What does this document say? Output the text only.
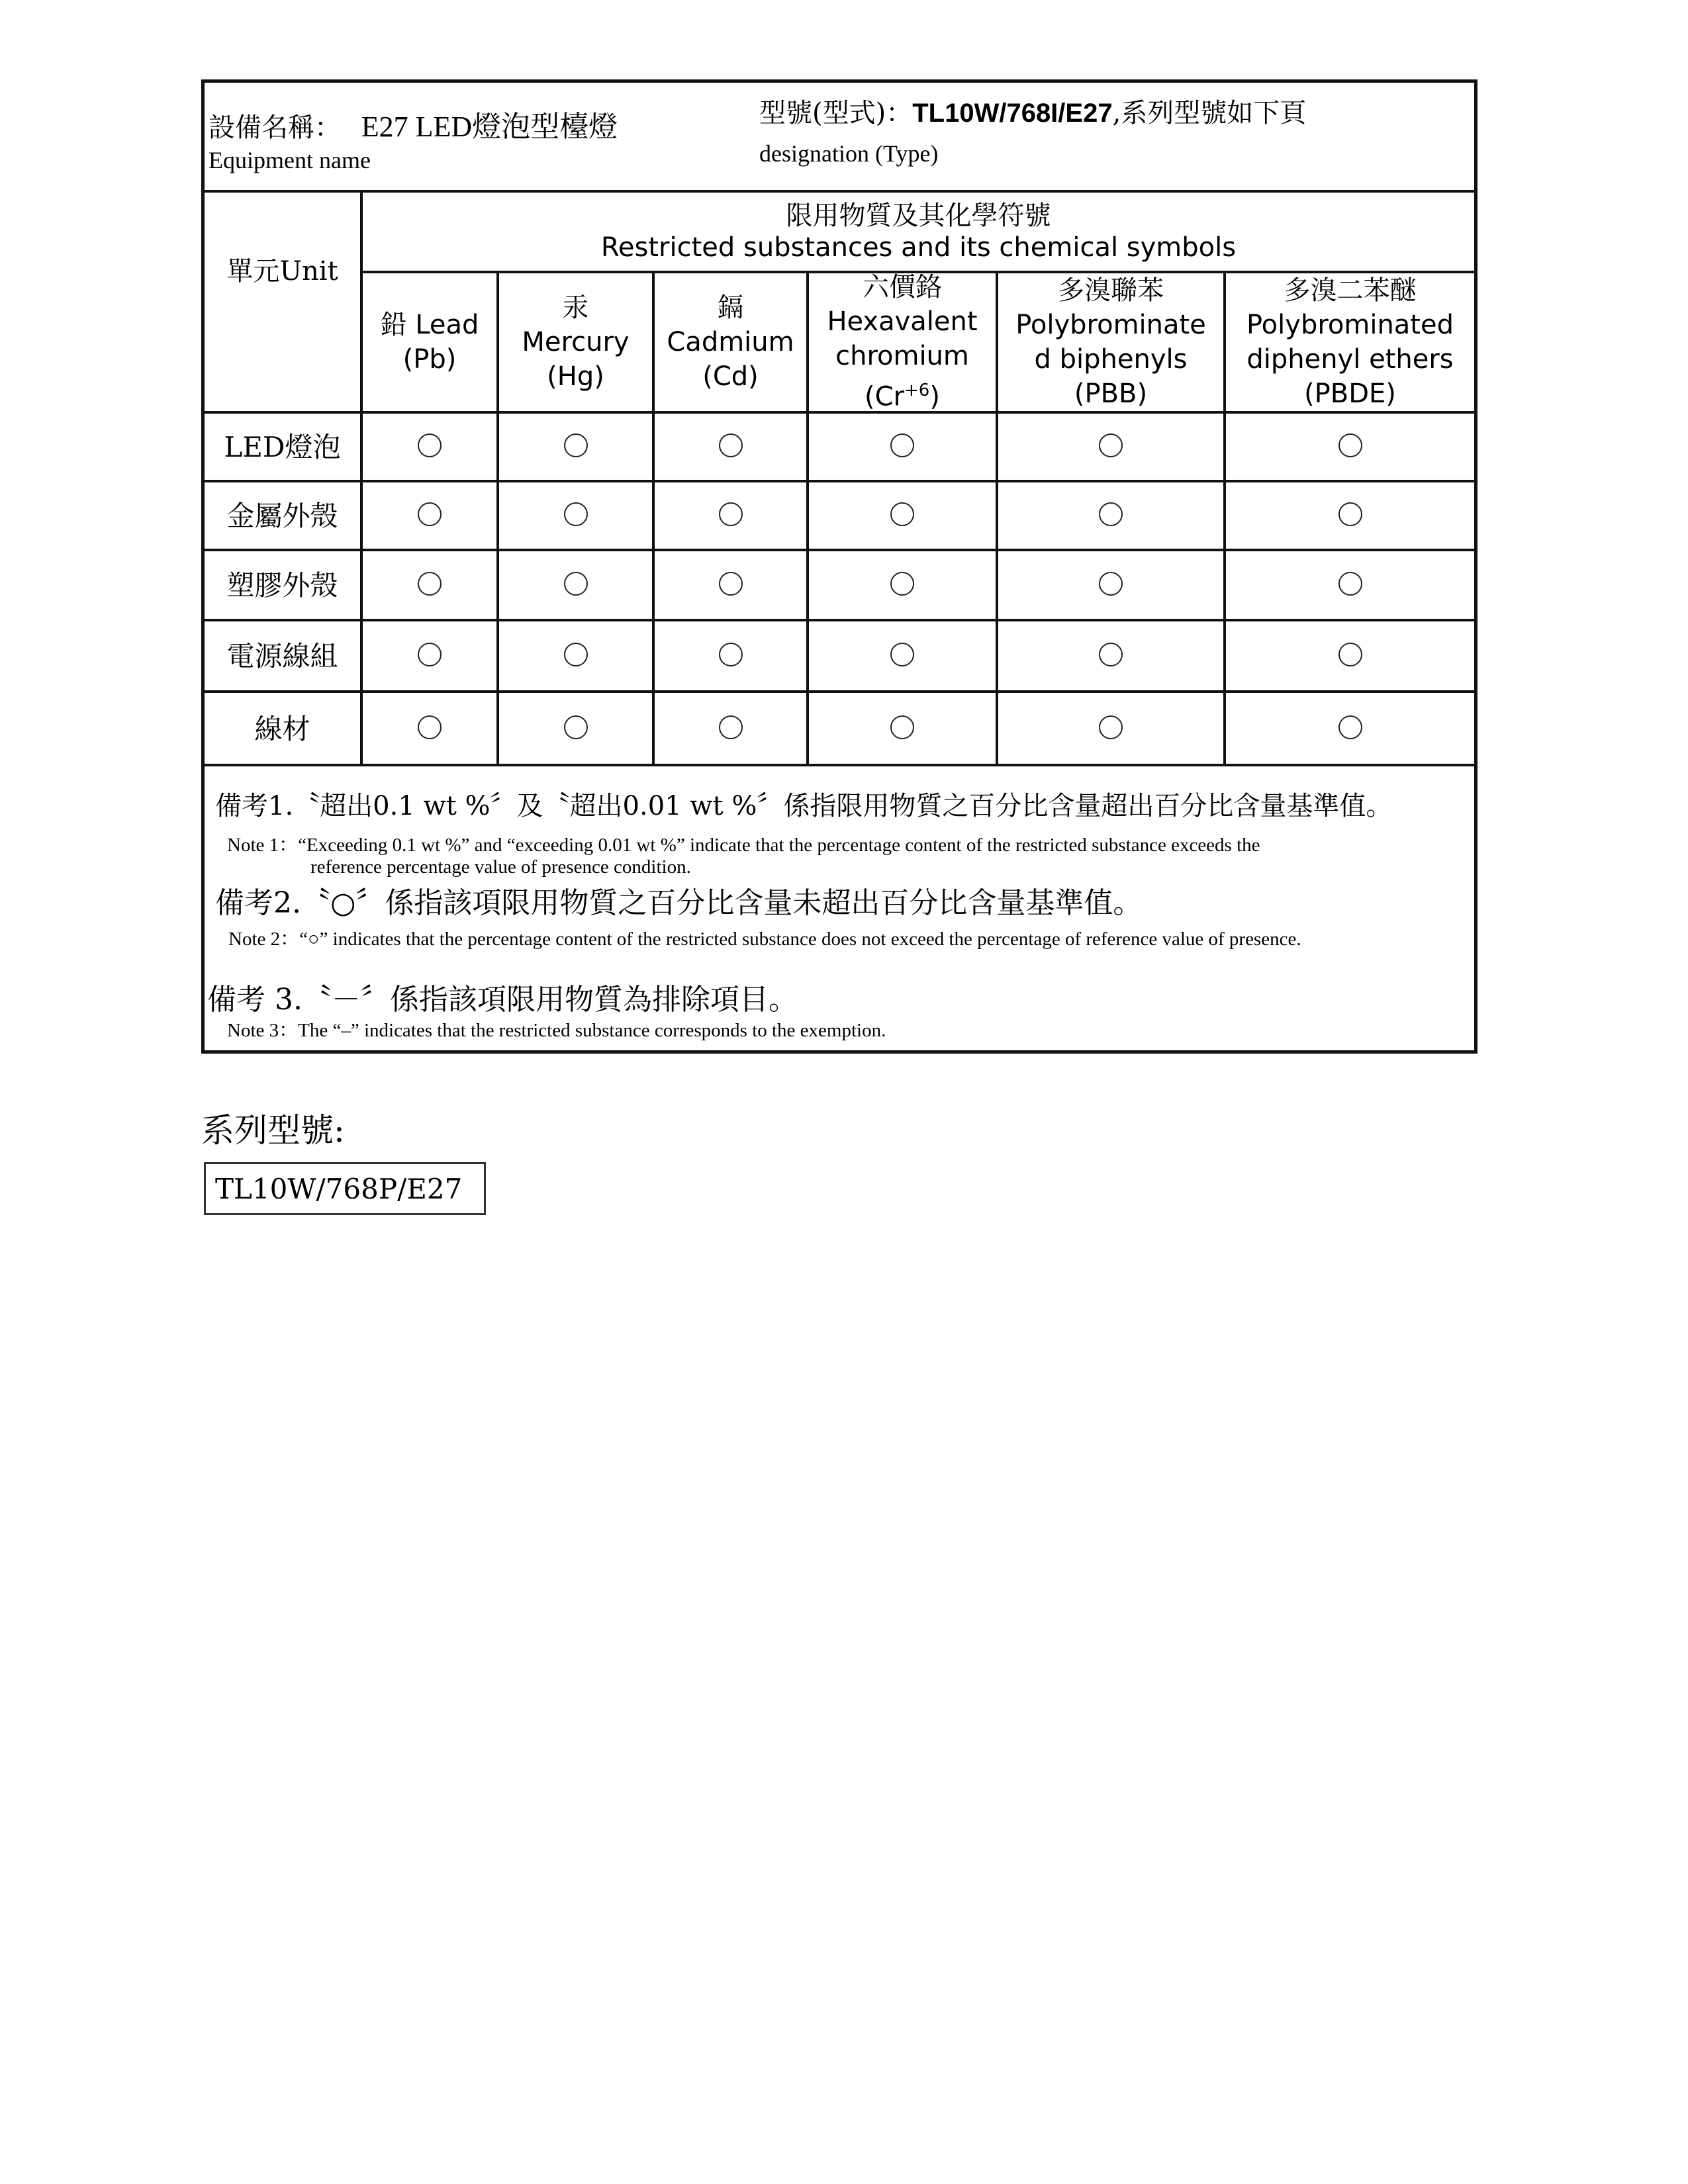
設備名稱： E27 LED燈泡型檯燈
Equipment name
型號(型式)：TL10W/768I/E27,系列型號如下頁
designation (Type)
單元Unit
限用物質及其化學符號
Restricted substances and its chemical symbols
鉛 Lead
(Pb)
汞
Mercury
(Hg)
鎘
Cadmium
(Cd)
六價鉻
Hexavalent
chromium
$(Cr^{+6})$
多溴聯苯
Polybrominate
d biphenyls
(PBB)
多溴二苯醚
Polybrominated
diphenyl ethers
(PBDE)
LED燈泡
金屬外殼
塑膠外殼
電源線組
線材
備考1.〝超出0.1 wt %〞及〝超出0.01 wt %〞係指限用物質之百分比含量超出百分比含量基準值。
Note 1：“Exceeding 0.1 wt %” and “exceeding 0.01 wt %” indicate that the percentage content of the restricted substance exceeds the
reference percentage value of presence condition.
備考2.〝○〞係指該項限用物質之百分比含量未超出百分比含量基準值。
Note 2：“○” indicates that the percentage content of the restricted substance does not exceed the percentage of reference value of presence.
備考 3.〝－〞係指該項限用物質為排除項目。
Note 3：The “–” indicates that the restricted substance corresponds to the exemption.
系列型號:
TL10W/768P/E27
